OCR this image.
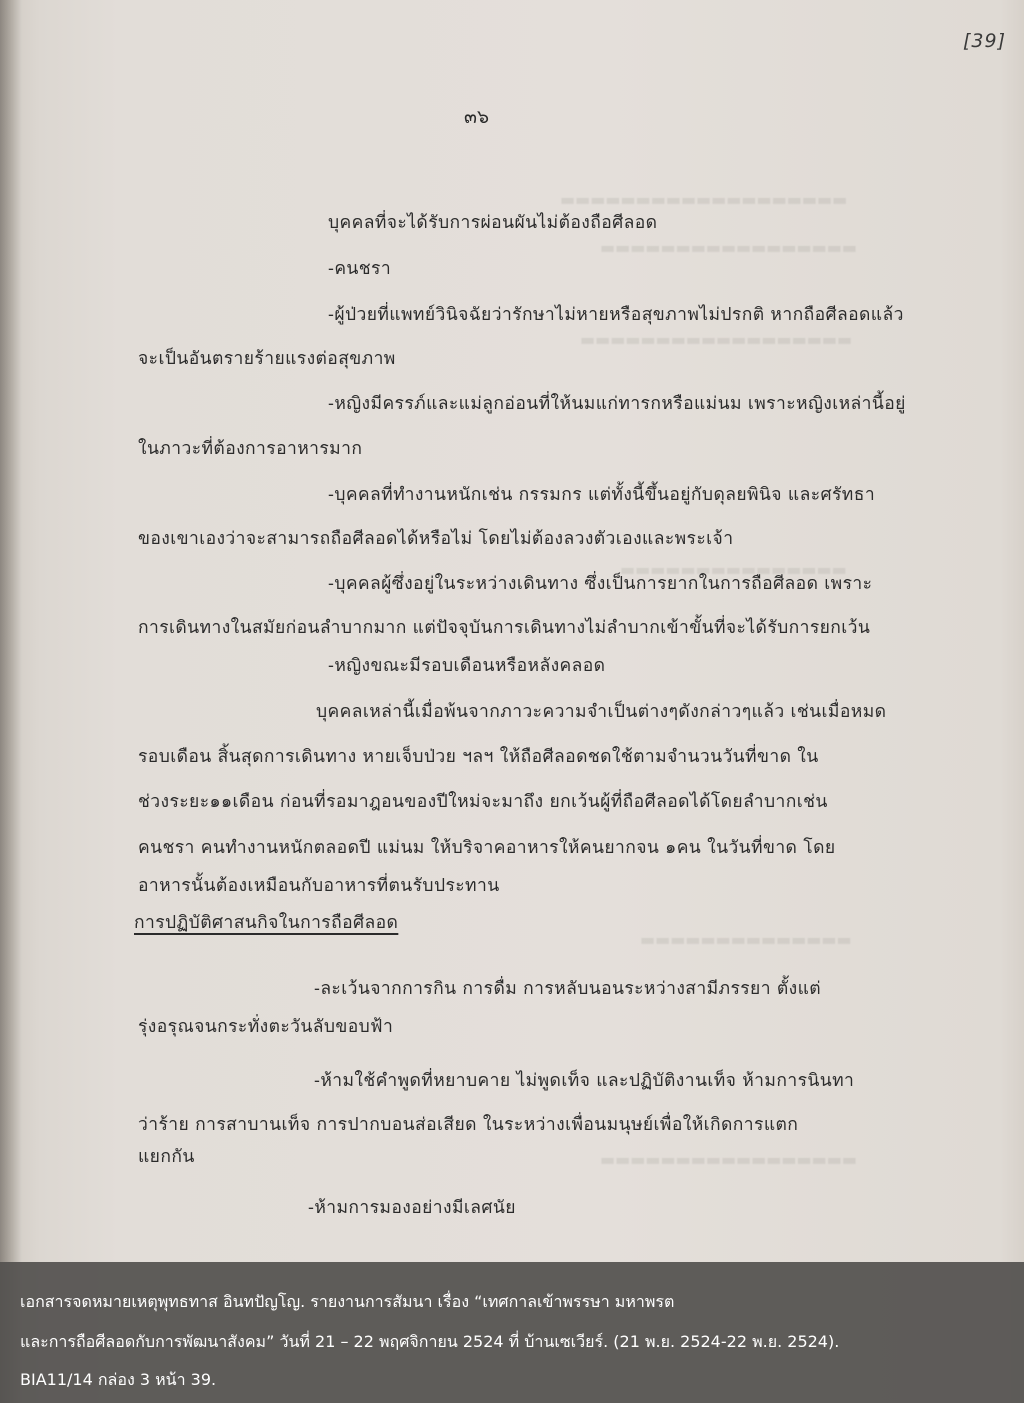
▬▬▬▬▬▬▬▬▬▬▬▬▬▬▬▬▬▬▬
▬▬▬▬▬▬▬▬▬▬▬▬▬▬▬▬▬
▬▬▬▬▬▬▬▬▬▬▬▬▬▬▬▬▬▬
▬▬▬▬▬▬▬▬▬▬▬▬▬▬▬
▬▬▬▬▬▬▬▬▬▬▬▬▬▬
▬▬▬▬▬▬▬▬▬▬▬▬▬▬▬▬▬
[39]
๓๖
บุคคลที่จะได้รับการผ่อนผันไม่ต้องถือศีลอด
-คนชรา
-ผู้ป่วยที่แพทย์วินิจฉัยว่ารักษาไม่หายหรือสุขภาพไม่ปรกติ หากถือศีลอดแล้ว
จะเป็นอันตรายร้ายแรงต่อสุขภาพ
-หญิงมีครรภ์และแม่ลูกอ่อนที่ให้นมแก่ทารกหรือแม่นม เพราะหญิงเหล่านี้อยู่
ในภาวะที่ต้องการอาหารมาก
-บุคคลที่ทำงานหนักเช่น กรรมกร แต่ทั้งนี้ขึ้นอยู่กับดุลยพินิจ และศรัทธา
ของเขาเองว่าจะสามารถถือศีลอดได้หรือไม่ โดยไม่ต้องลวงตัวเองและพระเจ้า
-บุคคลผู้ซึ่งอยู่ในระหว่างเดินทาง ซึ่งเป็นการยากในการถือศีลอด เพราะ
การเดินทางในสมัยก่อนลำบากมาก แต่ปัจจุบันการเดินทางไม่ลำบากเข้าขั้นที่จะได้รับการยกเว้น
-หญิงขณะมีรอบเดือนหรือหลังคลอด
บุคคลเหล่านี้เมื่อพ้นจากภาวะความจำเป็นต่างๆดังกล่าวๆแล้ว เช่นเมื่อหมด
รอบเดือน สิ้นสุดการเดินทาง หายเจ็บป่วย ฯลฯ ให้ถือศีลอดชดใช้ตามจำนวนวันที่ขาด ใน
ช่วงระยะ๑๑เดือน ก่อนที่รอมาฎอนของปีใหม่จะมาถึง ยกเว้นผู้ที่ถือศีลอดได้โดยลำบากเช่น
คนชรา คนทำงานหนักตลอดปี แม่นม ให้บริจาคอาหารให้คนยากจน ๑คน ในวันที่ขาด โดย
อาหารนั้นต้องเหมือนกับอาหารที่ตนรับประทาน
การปฏิบัติศาสนกิจในการถือศีลอด
-ละเว้นจากการกิน การดื่ม การหลับนอนระหว่างสามีภรรยา ตั้งแต่
รุ่งอรุณจนกระทั่งตะวันลับขอบฟ้า
-ห้ามใช้คำพูดที่หยาบคาย ไม่พูดเท็จ และปฏิบัติงานเท็จ ห้ามการนินทา
ว่าร้าย การสาบานเท็จ การปากบอนส่อเสียด ในระหว่างเพื่อนมนุษย์เพื่อให้เกิดการแตก
แยกกัน
-ห้ามการมองอย่างมีเลศนัย
เอกสารจดหมายเหตุพุทธทาส อินทปัญโญ. รายงานการสัมนา เรื่อง “เทศกาลเข้าพรรษา มหาพรต
และการถือศีลอดกับการพัฒนาสังคม” วันที่ 21 – 22 พฤศจิกายน 2524 ที่ บ้านเซเวียร์. (21 พ.ย. 2524-22 พ.ย. 2524).
BIA11/14 กล่อง 3 หน้า 39.
